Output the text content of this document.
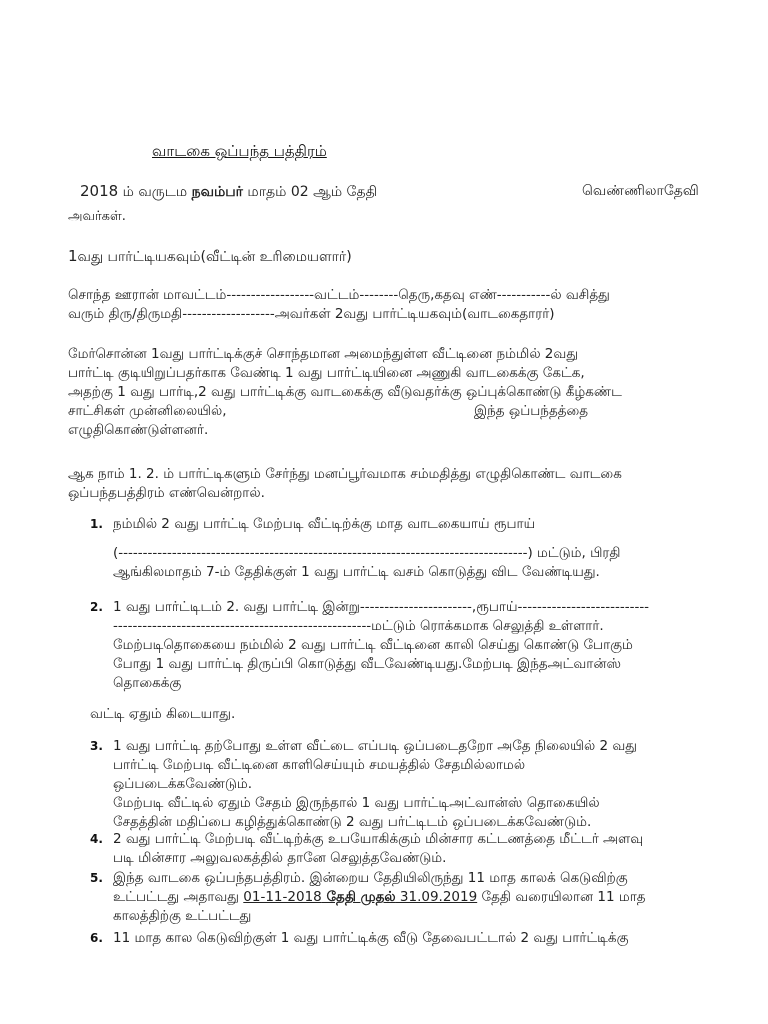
வாடகை ஒப்பந்த பத்திரம்
2018 ம் வருடம நவம்பர் மாதம் 02 ஆம் தேதி	வெண்ணிலாதேவி
அவர்கள்.
1வது பார்ட்டியகவும்(வீட்டின் உரிமையளார்)
சொந்த ஊரான் மாவட்டம்------------------வட்டம்--------தெரு,கதவு எண்-----------ல் வசித்து
வரும் திரு/திருமதி-------------------அவர்கள் 2வது பார்ட்டியகவும்(வாடகைதாரர்)
மேர்சொன்ன 1வது பார்ட்டிக்குச் சொந்தமான அமைந்துள்ள வீட்டினை நம்மில் 2வது
பார்ட்டி குடியிறுப்பதர்காக வேண்டி 1 வது பார்ட்டியினை அணுகி வாடகைக்கு கேட்க,
அதற்கு 1 வது பார்டி,2 வது பார்ட்டிக்கு வாடகைக்கு வீடுவதர்க்கு ஒப்புக்கொண்டு கீழ்கண்ட
சாட்சிகள் முன்னிலையில்,	இந்த ஒப்பந்தத்தை
எழுதிகொண்டுள்ளனர்.
ஆக நாம் 1. 2. ம் பார்ட்டிகளும் சேர்ந்து மனப்பூர்வமாக சம்மதித்து எழுதிகொண்ட வாடகை
ஒப்பந்தபத்திரம் எண்வென்றால்.
1. நம்மில் 2 வது பார்ட்டி மேற்படி வீட்டிற்க்கு மாத வாடகையாய் ரூபாய்
(------------------------------------------------------------------------------------) மட்டும், பிரதி
ஆங்கிலமாதம் 7-ம் தேதிக்குள் 1 வது பார்ட்டி வசம் கொடுத்து விட வேண்டியது.
2. 1 வது பார்ட்டிடம் 2. வது பார்ட்டி இன்று-----------------------,ரூபாய்---------------------------
-----------------------------------------------------மட்டும் ரொக்கமாக செலுத்தி உள்ளார்.
மேற்படிதொகையை நம்மில் 2 வது பார்ட்டி வீட்டினை காலி செய்து கொண்டு போகும்
போது 1 வது பார்ட்டி திருப்பி கொடுத்து வீடவேண்டியது.மேற்படி இந்தஅட்வான்ஸ்
தொகைக்கு
வட்டி ஏதும் கிடையாது.
3. 1 வது பார்ட்டி தற்போது உள்ள வீட்டை எப்படி ஒப்படைதறோ அதே நிலையில் 2 வது
பார்ட்டி மேற்படி வீட்டினை காளிசெய்யும் சமயத்தில் சேதமில்லாமல்
ஒப்படைக்கவேண்டும்.
மேற்படி வீட்டில் ஏதும் சேதம் இருந்தால் 1 வது பார்ட்டிஅட்வான்ஸ் தொகையில்
சேதத்தின் மதிப்பை கழித்துக்கொண்டு 2 வது பர்ட்டிடம் ஒப்படைக்கவேண்டும்.
4. 2 வது பார்ட்டி மேற்படி வீட்டிற்க்கு உபயோகிக்கும் மின்சார கட்டணத்தை மீட்டர் அளவு
படி மின்சார அலுவலகத்தில் தானே செலுத்தவேண்டும்.
5. இந்த வாடகை ஒப்பந்தபத்திரம். இன்றைய தேதியிலிருந்து 11 மாத காலக் கெடுவிற்கு
உட்பட்டது அதாவது 01-11-2018 தேதி முதல் 31.09.2019 தேதி வரையிலான 11 மாத
காலத்திற்கு உட்பட்டது
6. 11 மாத கால கெடுவிற்குள் 1 வது பார்ட்டிக்கு வீடு தேவைபட்டால் 2 வது பார்ட்டிக்கு
